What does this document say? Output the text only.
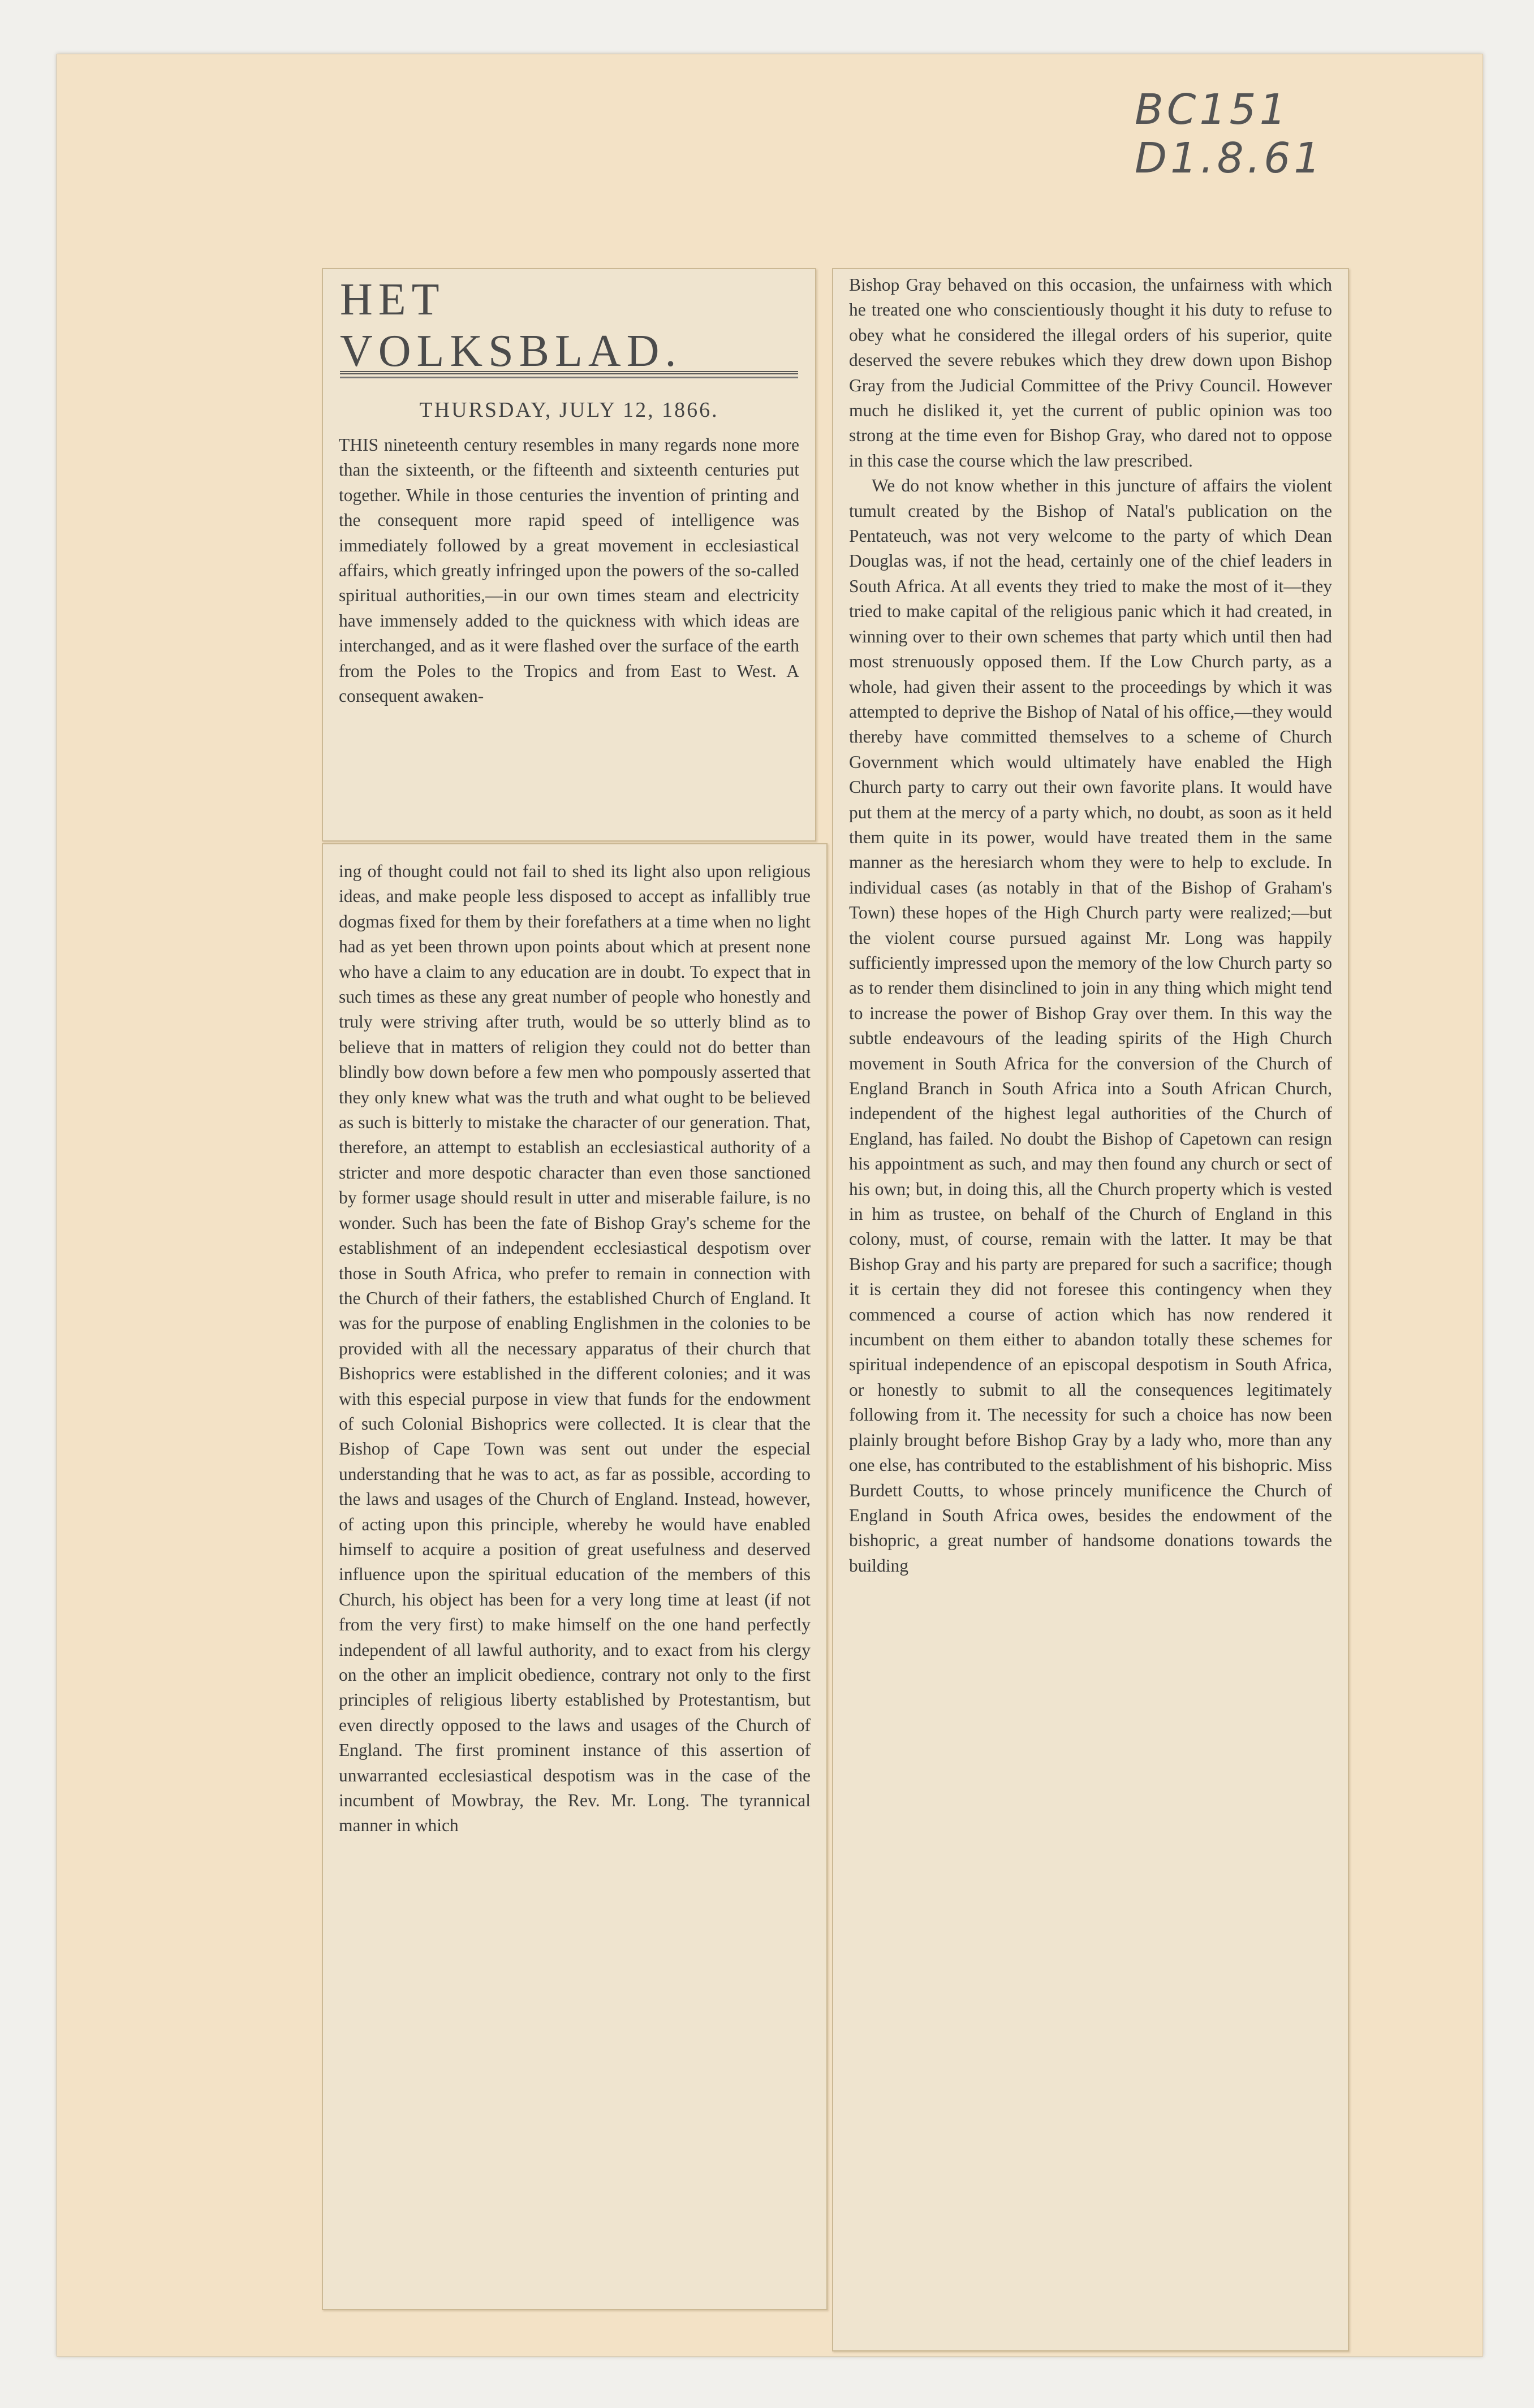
BC151 D1.8.61
HET VOLKSBLAD.
THURSDAY, JULY 12, 1866.

THIS nineteenth century resembles in many regards none more than the sixteenth, or the fifteenth and sixteenth centuries put together. While in those centuries the invention of printing and the consequent more rapid speed of intelligence was immediately followed by a great movement in ecclesiastical affairs, which greatly infringed upon the powers of the so-called spiritual authorities,—in our own times steam and electricity have immensely added to the quickness with which ideas are interchanged, and as it were flashed over the surface of the earth from the Poles to the Tropics and from East to West. A consequent awaken-

ing of thought could not fail to shed its light also upon religious ideas, and make people less disposed to accept as infallibly true dogmas fixed for them by their forefathers at a time when no light had as yet been thrown upon points about which at present none who have a claim to any education are in doubt. To expect that in such times as these any great number of people who honestly and truly were striving after truth, would be so utterly blind as to believe that in matters of religion they could not do better than blindly bow down before a few men who pompously asserted that they only knew what was the truth and what ought to be believed as such is bitterly to mistake the character of our generation. That, therefore, an attempt to establish an ecclesiastical authority of a stricter and more despotic character than even those sanctioned by former usage should result in utter and miserable failure, is no wonder. Such has been the fate of Bishop Gray's scheme for the establishment of an independent ecclesiastical despotism over those in South Africa, who prefer to remain in connection with the Church of their fathers, the established Church of England. It was for the purpose of enabling Englishmen in the colonies to be provided with all the necessary apparatus of their church that Bishoprics were established in the different colonies; and it was with this especial purpose in view that funds for the endowment of such Colonial Bishoprics were collected. It is clear that the Bishop of Cape Town was sent out under the especial understanding that he was to act, as far as possible, according to the laws and usages of the Church of England. Instead, however, of acting upon this principle, whereby he would have enabled himself to acquire a position of great usefulness and deserved influence upon the spiritual education of the members of this Church, his object has been for a very long time at least (if not from the very first) to make himself on the one hand perfectly independent of all lawful authority, and to exact from his clergy on the other an implicit obedience, contrary not only to the first principles of religious liberty established by Protestantism, but even directly opposed to the laws and usages of the Church of England. The first prominent instance of this assertion of unwarranted ecclesiastical despotism was in the case of the incumbent of Mowbray, the Rev. Mr. Long. The tyrannical manner in which

Bishop Gray behaved on this occasion, the unfairness with which he treated one who conscientiously thought it his duty to refuse to obey what he considered the illegal orders of his superior, quite deserved the severe rebukes which they drew down upon Bishop Gray from the Judicial Committee of the Privy Council. However much he disliked it, yet the current of public opinion was too strong at the time even for Bishop Gray, who dared not to oppose in this case the course which the law prescribed.

We do not know whether in this juncture of affairs the violent tumult created by the Bishop of Natal's publication on the Pentateuch, was not very welcome to the party of which Dean Douglas was, if not the head, certainly one of the chief leaders in South Africa. At all events they tried to make the most of it—they tried to make capital of the religious panic which it had created, in winning over to their own schemes that party which until then had most strenuously opposed them. If the Low Church party, as a whole, had given their assent to the proceedings by which it was attempted to deprive the Bishop of Natal of his office,—they would thereby have committed themselves to a scheme of Church Government which would ultimately have enabled the High Church party to carry out their own favorite plans. It would have put them at the mercy of a party which, no doubt, as soon as it held them quite in its power, would have treated them in the same manner as the heresiarch whom they were to help to exclude. In individual cases (as notably in that of the Bishop of Graham's Town) these hopes of the High Church party were realized;—but the violent course pursued against Mr. Long was happily sufficiently impressed upon the memory of the low Church party so as to render them disinclined to join in any thing which might tend to increase the power of Bishop Gray over them. In this way the subtle endeavours of the leading spirits of the High Church movement in South Africa for the conversion of the Church of England Branch in South Africa into a South African Church, independent of the highest legal authorities of the Church of England, has failed. No doubt the Bishop of Capetown can resign his appointment as such, and may then found any church or sect of his own; but, in doing this, all the Church property which is vested in him as trustee, on behalf of the Church of England in this colony, must, of course, remain with the latter. It may be that Bishop Gray and his party are prepared for such a sacrifice; though it is certain they did not foresee this contingency when they commenced a course of action which has now rendered it incumbent on them either to abandon totally these schemes for spiritual independence of an episcopal despotism in South Africa, or honestly to submit to all the consequences legitimately following from it. The necessity for such a choice has now been plainly brought before Bishop Gray by a lady who, more than any one else, has contributed to the establishment of his bishopric. Miss Burdett Coutts, to whose princely munificence the Church of England in South Africa owes, besides the endowment of the bishopric, a great number of handsome donations towards the building
